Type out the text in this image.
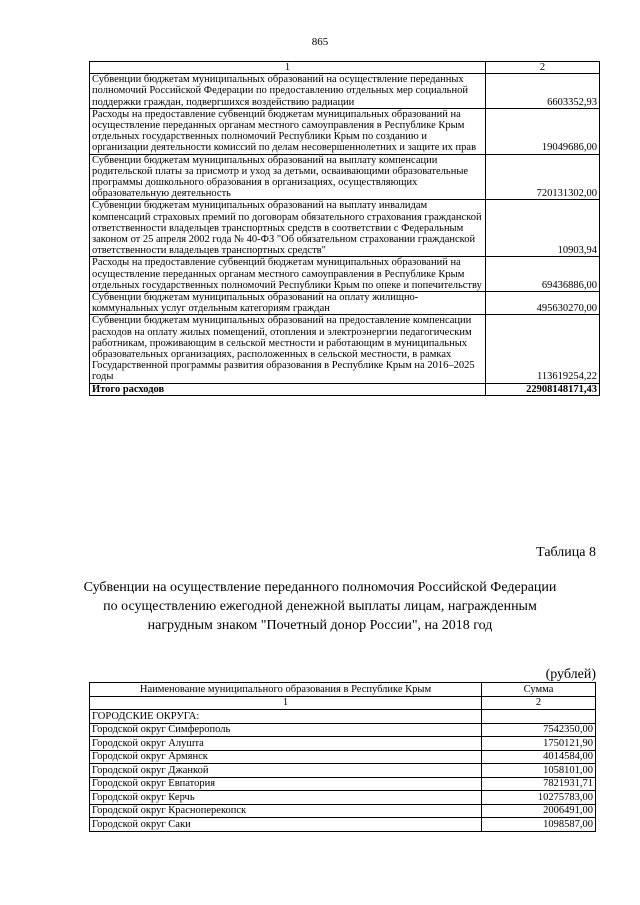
865
1	2
Субвенции бюджетам муниципальных образований на осуществление переданных полномочий Российской Федерации по предоставлению отдельных мер социальной поддержки граждан, подвергшихся воздействию радиации	6603352,93
Расходы на предоставление субвенций бюджетам муниципальных образований на осуществление переданных органам местного самоуправления в Республике Крым отдельных государственных полномочий Республики Крым по созданию и организации деятельности комиссий по делам несовершеннолетних и защите их прав	19049686,00
Субвенции бюджетам муниципальных образований на выплату компенсации родительской платы за присмотр и уход за детьми, осваивающими образовательные программы дошкольного образования в организациях, осуществляющих образовательную деятельность	720131302,00
Субвенции бюджетам муниципальных образований на выплату инвалидам компенсаций страховых премий по договорам обязательного страхования гражданской ответственности владельцев транспортных средств в соответствии с Федеральным законом от 25 апреля 2002 года № 40-ФЗ "Об обязательном страховании гражданской ответственности владельцев транспортных средств"	10903,94
Расходы на предоставление субвенций бюджетам муниципальных образований на осуществление переданных органам местного самоуправления в Республике Крым отдельных государственных полномочий Республики Крым по опеке и попечительству	69436886,00
Субвенции бюджетам муниципальных образований на оплату жилищно-коммунальных услуг отдельным категориям граждан	495630270,00
Субвенции бюджетам муниципальных образований на предоставление компенсации расходов на оплату жилых помещений, отопления и электроэнергии педагогическим работникам, проживающим в сельской местности и работающим в муниципальных образовательных организациях, расположенных в сельской местности, в рамках Государственной программы развития образования в Республике Крым на 2016–2025 годы	113619254,22
Итого расходов	22908148171,43
Таблица 8
Субвенции на осуществление переданного полномочия Российской Федерации по осуществлению ежегодной денежной выплаты лицам, награжденным нагрудным знаком "Почетный донор России", на 2018 год
(рублей)
Наименование муниципального образования в Республике Крым	Сумма
1	2
ГОРОДСКИЕ ОКРУГА:	
Городской округ Симферополь	7542350,00
Городской округ Алушта	1750121,90
Городской округ Армянск	4014584,00
Городской округ Джанкой	1058101,00
Городской округ Евпатория	7821931,71
Городской округ Керчь	10275783,00
Городской округ Красноперекопск	2006491,00
Городской округ Саки	1098587,00
